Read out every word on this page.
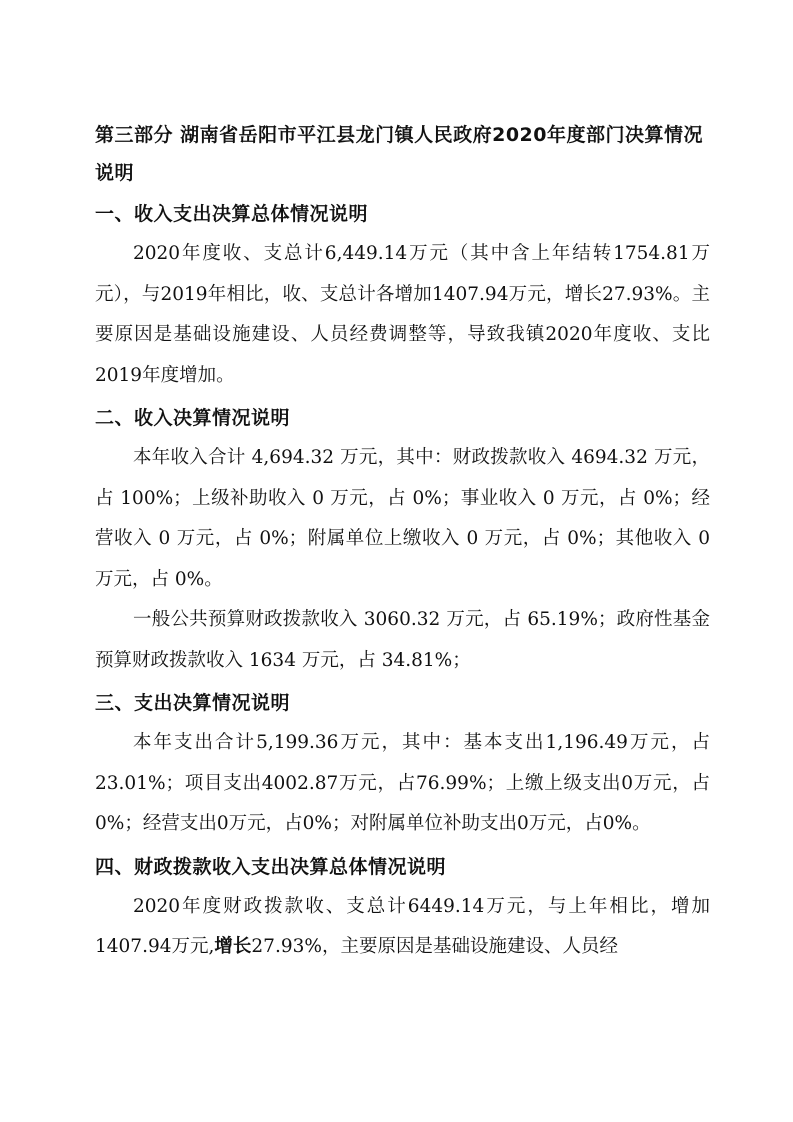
第三部分 湖南省岳阳市平江县龙门镇人民政府2020年度部门决算情况说明
一、收入支出决算总体情况说明

2020年度收、支总计6,449.14万元（其中含上年结转1754.81万元），与2019年相比，收、支总计各增加1407.94万元，增长27.93%。主要原因是基础设施建设、人员经费调整等，导致我镇2020年度收、支比2019年度增加。

二、收入决算情况说明

本年收入合计 4,694.32 万元，其中：财政拨款收入 4694.32 万元，占 100%；上级补助收入 0 万元，占 0%；事业收入 0 万元，占 0%；经营收入 0 万元，占 0%；附属单位上缴收入 0 万元，占 0%；其他收入 0 万元，占 0%。

一般公共预算财政拨款收入 3060.32 万元，占 65.19%；政府性基金预算财政拨款收入 1634 万元，占 34.81%；

三、支出决算情况说明

本年支出合计5,199.36万元，其中：基本支出1,196.49万元，占23.01%；项目支出4002.87万元，占76.99%；上缴上级支出0万元，占0%；经营支出0万元，占0%；对附属单位补助支出0万元，占0%。

四、财政拨款收入支出决算总体情况说明

2020年度财政拨款收、支总计6449.14万元，与上年相比，增加1407.94万元,增长27.93%，主要原因是基础设施建设、人员经
